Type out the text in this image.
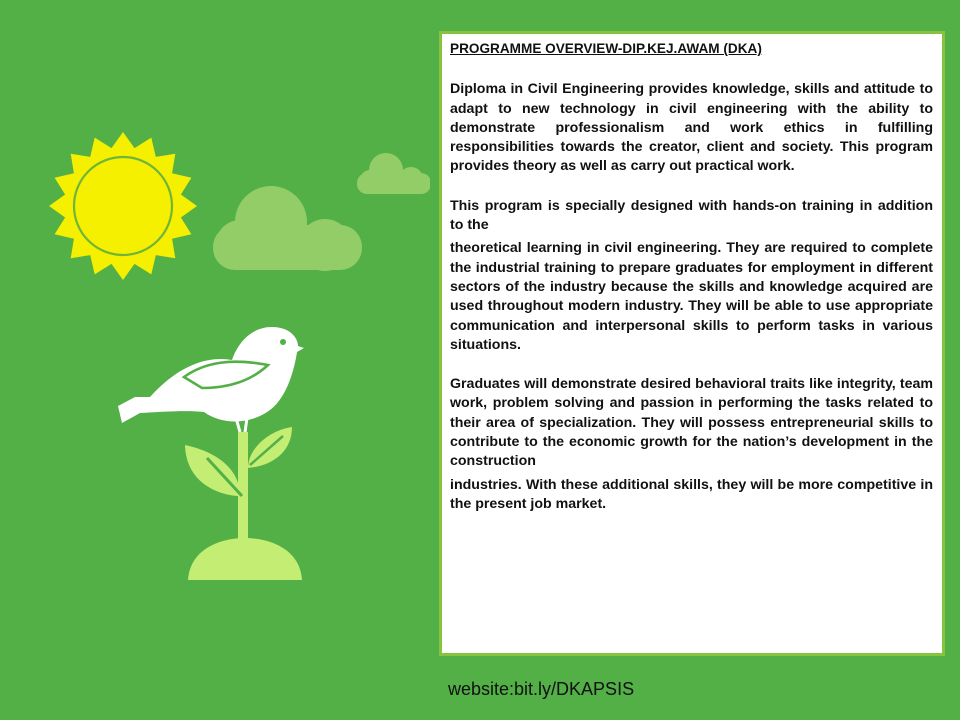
PROGRAMME OVERVIEW-DIP.KEJ.AWAM (DKA)

Diploma in Civil Engineering provides knowledge, skills and attitude to adapt to new technology in civil engineering with the ability to demonstrate professionalism and work ethics in fulfilling responsibilities towards the creator, client and society. This program provides theory as well as carry out practical work.

This program is specially designed with hands-on training in addition to the

theoretical learning in civil engineering. They are required to complete the industrial training to prepare graduates for employment in different sectors of the industry because the skills and knowledge acquired are used throughout modern industry. They will be able to use appropriate communication and interpersonal skills to perform tasks in various situations.

Graduates will demonstrate desired behavioral traits like integrity, team work, problem solving and passion in performing the tasks related to their area of specialization. They will possess entrepreneurial skills to contribute to the economic growth for the nation’s development in the construction

industries. With these additional skills, they will be more competitive in the present job market.

website:bit.ly/DKAPSIS
